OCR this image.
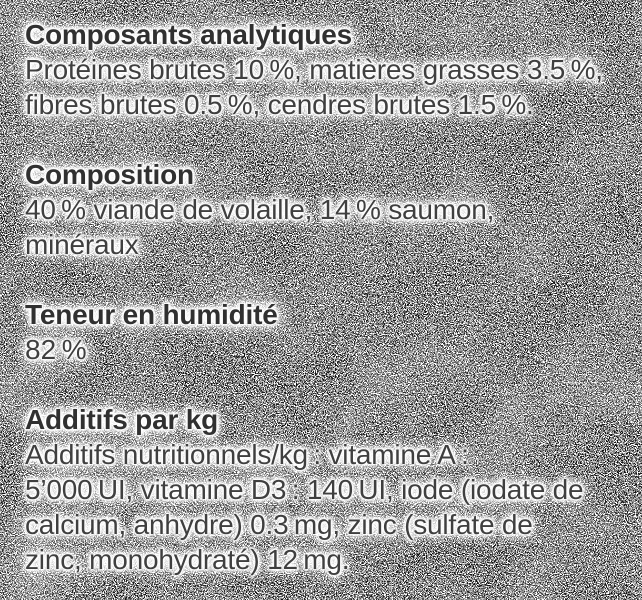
Composants analytiques
Protéines brutes 10 %, matières grasses 3.5 %,
fibres brutes 0.5 %, cendres brutes 1.5 %.
Composition
40 % viande de volaille, 14 % saumon,
minéraux
Teneur en humidité
82 %
Additifs par kg
Additifs nutritionnels/kg : vitamine A :
5’000 UI, vitamine D3 : 140 UI, iode (iodate de
calcium, anhydre) 0.3 mg, zinc (sulfate de
zinc, monohydraté) 12 mg.
